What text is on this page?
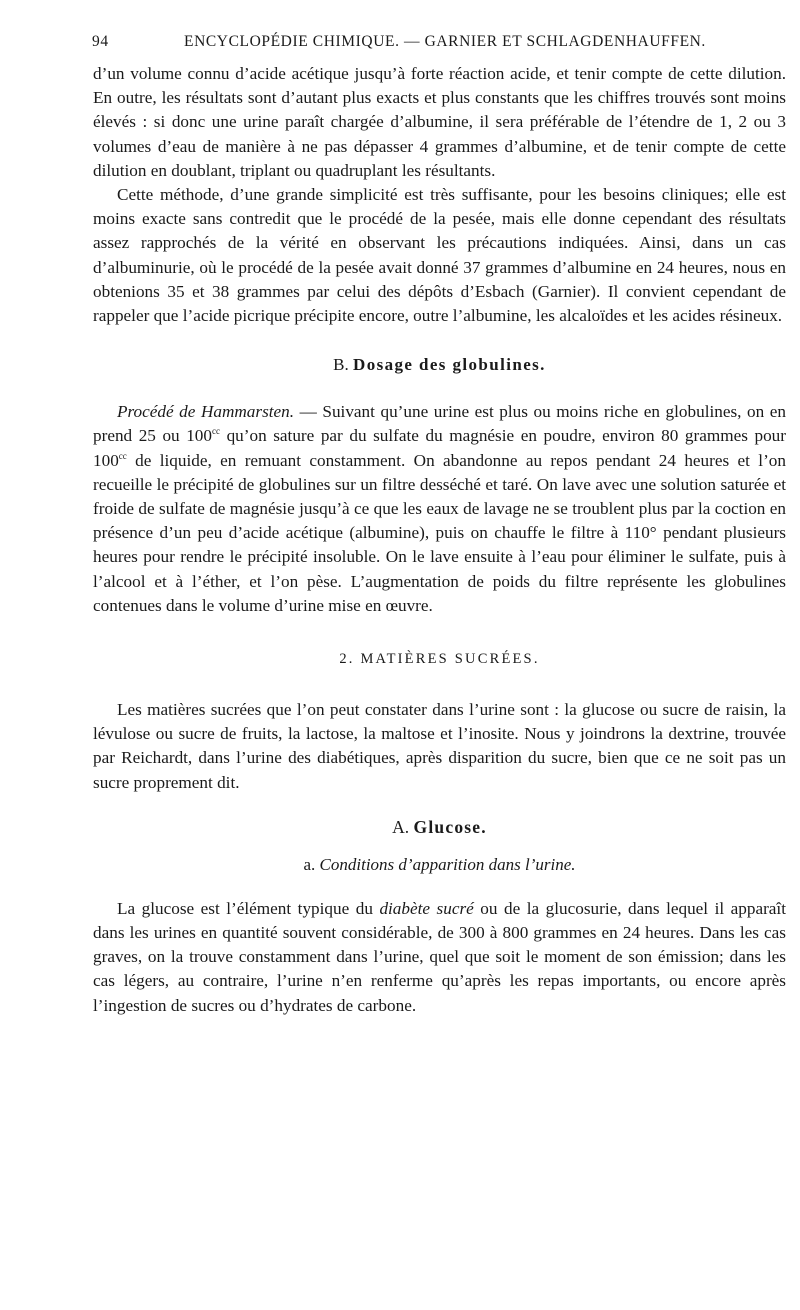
94	ENCYCLOPÉDIE CHIMIQUE. — GARNIER ET SCHLAGDENHAUFFEN.

d’un volume connu d’acide acétique jusqu’à forte réaction acide, et tenir compte de cette dilution. En outre, les résultats sont d’autant plus exacts et plus constants que les chiffres trouvés sont moins élevés : si donc une urine paraît chargée d’albumine, il sera préférable de l’étendre de 1, 2 ou 3 volumes d’eau de manière à ne pas dépasser 4 grammes d’albumine, et de tenir compte de cette dilution en doublant, triplant ou quadruplant les résultants.

Cette méthode, d’une grande simplicité est très suffisante, pour les besoins cliniques; elle est moins exacte sans contredit que le procédé de la pesée, mais elle donne cependant des résultats assez rapprochés de la vérité en observant les précautions indiquées. Ainsi, dans un cas d’albuminurie, où le procédé de la pesée avait donné 37 grammes d’albumine en 24 heures, nous en obtenions 35 et 38 grammes par celui des dépôts d’Esbach (Garnier). Il convient cependant de rappeler que l’acide picrique précipite encore, outre l’albumine, les alcaloïdes et les acides résineux.

B. Dosage des globulines.

Procédé de Hammarsten. — Suivant qu’une urine est plus ou moins riche en globulines, on en prend 25 ou $100^{cc}$ qu’on sature par du sulfate du magnésie en poudre, environ 80 grammes pour $100^{cc}$ de liquide, en remuant constamment. On abandonne au repos pendant 24 heures et l’on recueille le précipité de globulines sur un filtre desséché et taré. On lave avec une solution saturée et froide de sulfate de magnésie jusqu’à ce que les eaux de lavage ne se troublent plus par la coction en présence d’un peu d’acide acétique (albumine), puis on chauffe le filtre à 110° pendant plusieurs heures pour rendre le précipité insoluble. On le lave ensuite à l’eau pour éliminer le sulfate, puis à l’alcool et à l’éther, et l’on pèse. L’augmentation de poids du filtre représente les globulines contenues dans le volume d’urine mise en œuvre.

2. MATIÈRES SUCRÉES.

Les matières sucrées que l’on peut constater dans l’urine sont : la glucose ou sucre de raisin, la lévulose ou sucre de fruits, la lactose, la maltose et l’inosite. Nous y joindrons la dextrine, trouvée par Reichardt, dans l’urine des diabétiques, après disparition du sucre, bien que ce ne soit pas un sucre proprement dit.

A. Glucose.
a. Conditions d’apparition dans l’urine.

La glucose est l’élément typique du diabète sucré ou de la glucosurie, dans lequel il apparaît dans les urines en quantité souvent considérable, de 300 à 800 grammes en 24 heures. Dans les cas graves, on la trouve constamment dans l’urine, quel que soit le moment de son émission; dans les cas légers, au contraire, l’urine n’en renferme qu’après les repas importants, ou encore après l’ingestion de sucres ou d’hydrates de carbone.
